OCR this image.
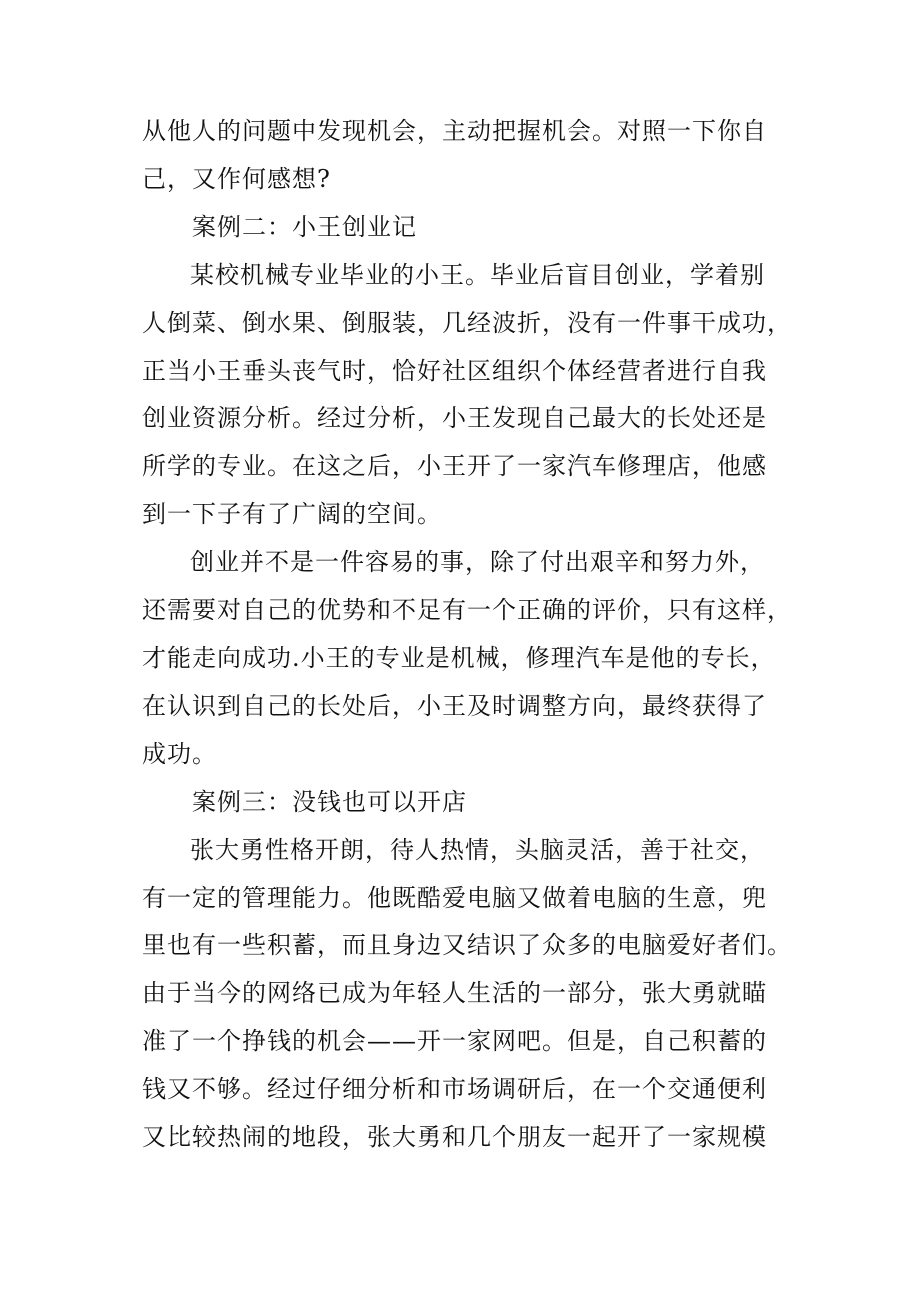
从他人的问题中发现机会，主动把握机会。对照一下你自
己，又作何感想?

案例二：小王创业记

某校机械专业毕业的小王。毕业后盲目创业，学着别
人倒菜、倒水果、倒服装，几经波折，没有一件事干成功，
正当小王垂头丧气时，恰好社区组织个体经营者进行自我
创业资源分析。经过分析，小王发现自己最大的长处还是
所学的专业。在这之后，小王开了一家汽车修理店，他感
到一下子有了广阔的空间。

创业并不是一件容易的事，除了付出艰辛和努力外，
还需要对自己的优势和不足有一个正确的评价，只有这样，
才能走向成功.小王的专业是机械，修理汽车是他的专长，
在认识到自己的长处后，小王及时调整方向，最终获得了
成功。

案例三：没钱也可以开店

张大勇性格开朗，待人热情，头脑灵活，善于社交，
有一定的管理能力。他既酷爱电脑又做着电脑的生意，兜
里也有一些积蓄，而且身边又结识了众多的电脑爱好者们。
由于当今的网络已成为年轻人生活的一部分，张大勇就瞄
准了一个挣钱的机会——开一家网吧。但是，自己积蓄的
钱又不够。经过仔细分析和市场调研后，在一个交通便利
又比较热闹的地段，张大勇和几个朋友一起开了一家规模
